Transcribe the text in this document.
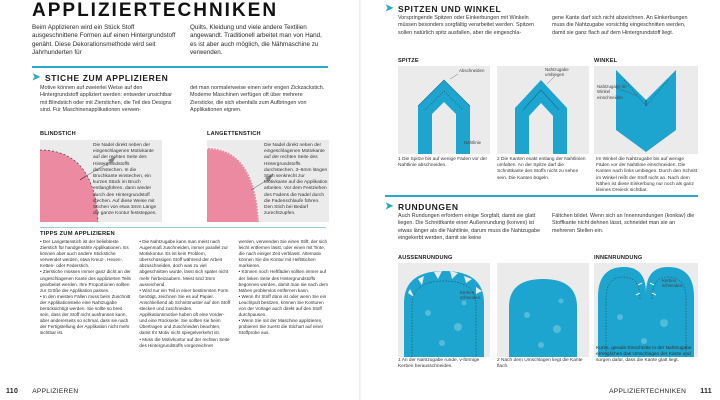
APPLIZIERTECHNIKEN
Beim Applizieren wird ein Stück Stoff ausgeschnittene Formen auf einen Hintergrundstoff genäht. Diese Dekorationsmethode wird seit Jahrhunderten für
Quilts, Kleidung und viele andere Textilien angewandt. Traditionell arbeitet man von Hand, es ist aber auch möglich, die Nähmaschine zu verwenden.
➤ STICHE ZUM APPLIZIEREN
Motive können auf zweierlei Weise auf den Hintergrundstoff appliziert werden: entweder unsichtbar mit Blindstich oder mit Zierstichen, die Teil des Designs sind. Für Maschinenapplikationen verwen-
det man normalerweise einen sehr engen Zickzackstich. Moderne Maschinen verfügen oft über mehrere Ziersticke, die sich ebenfalls zum Aufbringen von Applikationen eignen.
BLINDSTICH
Die Nadel direkt neben der eingeschlagenen Motivkante auf der rechten Seite des Hintergrundstoffs durchstechen. In die Bruchkante einstechen, ein kurzes Stück im Bruch entlangführen, dann wieder durch den Hintergrundstoff stechen. Auf diese Weise mit Stichen von etwa 3mm Länge die ganze Kontur feststeppen.
LANGETTENSTICH
Die Nadel direkt neben der eingeschlagenen Motivkante auf der rechten Seite des Hintergrundstoffs durchstechen. 3–6mm längen Stich senkrecht zur Motivkante auf die Applikation arbeiten. Vor dem Festziehen des Fadens die Nadel durch die Fadenschlaufe führen. Den Stich bei Bedarf zurechtzupfen.
TIPPS ZUM APPLIZIEREN
• Der Langettenstich ist der beliebteste Zierstich für handgenähte Applikationen. Es können aber auch andere Stickstiche verwendet werden, etwa Kreuz-, Hexen-, Ketten- oder Federstich.
• Zierstiche müssen immer ganz dicht an der ungeschlagenen Kante des applizierten Teils gearbeitet werden. Ihre Proportionen sollten zur Größe der Applikation passen.
• In den meisten Fällen muss beim Zuschnitt der Applikationsteile eine Nahtzugabe berücksichtigt werden. Sie sollte so breit sein, dass der Stoff nicht ausfransen kann, aber andererseits so schmal, dass sie nach der Fertigstellung der Applikation nicht mehr sichtbar ist.
• Die Nahtzugabe kann man meist nach Augenmaß zuschneiden, immer parallel zur Motivkontur. Es ist kein Problem, überschüssigen Stoff während der Arbeit abzuschneiden, doch was zu viel abgeschnitten wurde, lässt sich später nicht mehr herbeizaubern. Meist sind 3mm ausreichend.
• Wird nur ein Teil in einer bestimmten Form benötigt, zeichnen Sie es auf Papier. Anschließend ab Schnittmuster auf den Stoff stecken und zuschneiden. Applikationsmotive haben oft eine Vorder- und eine Rückseite. Sie sollten sie beim Übertragen und Zuschneiden beachten, damit Ihr Motiv nicht spiegelverkehrt ist.
• Muss die Motivkontur auf der rechten Seite des Hintergrundstoffs vorgezeichnet
werden, verwenden Sie einen Stift, der sich leicht entfernen lässt, oder einen mit Tinte, die nach einiger Zeit verblasst. Alternativ können Sie die Kontur mit Heftstichen markieren.
• Können noch Heftfäden sollten immer auf der linken Seite des Hintergrundstoffs begonnen werden, damit man sie nach dem Nähen problemlos entfernen kann.
• Wenn Ihr Stoff dünn ist oder wenn Sie ein Leuchtpult besitzen, können Sie Konturen von der Vorlage auch direkt auf den Stoff durchpausen.
• Wenn Sie mit der Maschine applizieren, probieren Sie zuerst die Stichart auf einer Stoffprobe aus.
110 APPLIZIEREN
➤ SPITZEN UND WINKEL
Vorspringende Spitzen oder Einkerbungen mit Winkeln müssen besonders sorgfältig verarbeitet werden. Spitzen sollen natürlich spitz ausfallen, aber die eingeschla-
gene Kante darf sich nicht abzeichnen. An Einkerbungen muss die Nahtzugabe vorsichtig eingeschnitten werden, damit sie ganz flach auf dem Hintergrundstoff liegt.
SPITZE	WINKEL
Abschneiden
Nahtlinie
Nahtzugabe umbiegen
Nahtzugabe im Winkel einschneiden
1 Die Spitze bis auf wenige Fäden vor der Nahtlinie abschneiden.
2 Die Kanten exakt entlang der Nahtlinien umfalten. An der Spitze darf die Schnittkante des Stoffs nicht zu sehen sein. Die Kanten bügeln.
Im Winkel die Nahtzugabe bis auf wenige Fäden vor der Nahtlinie einschneiden. Die Kanten nach links umbiegen. Durch den Schnitt im Winkel reißt der Stoff nicht an. Nach dem Nähen ist diese Einkerbung nur noch als ganz kleines Dreieck sichtbar.
➤ RUNDUNGEN
Auch Rundungen erfordern einige Sorgfalt, damit sie glatt liegen. Die Schnittkante einer Außenrundung (konvex) ist etwas länger als die Nahtlinie, darum muss die Nahtzugabe eingekerbt werden, damit sie keine
Fältchen bildet. Wenn sich an Innenrundungen (konkav) die Stoffkante nicht dehnen lässt, schneidet man sie an mehreren Stellen ein.
AUSSENRUNDUNG	INNENRUNDUNG
Kerben schneiden.
Kerben schneiden.
1 An der Nahtzugabe runde, v-förmige Kerben herausschneiden.
2 Nach dem Umschlagen liegt die Kante flach.
Kurze, gerade Einschnitte in der Nahtzugabe ermöglichen das Umschlagen der Kante und sorgen dafür, dass die Kante glatt liegt.
APPLIZIERTECHNIKEN 111
